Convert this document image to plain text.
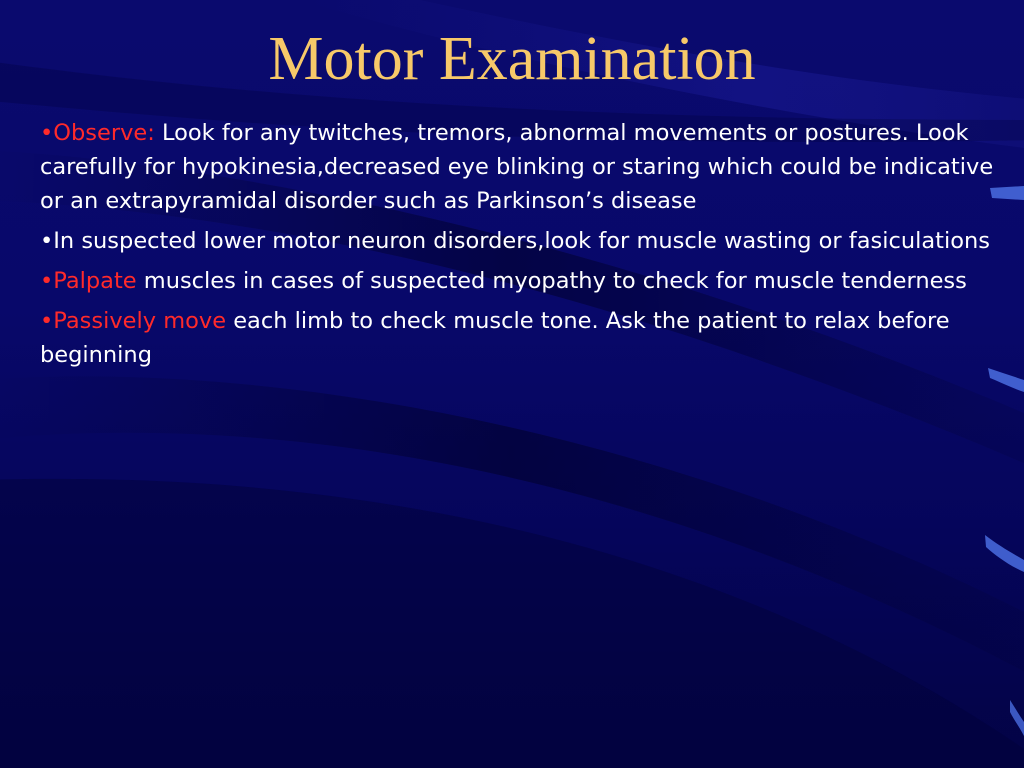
Motor Examination
•Observe: Look for any twitches, tremors, abnormal movements or postures. Look carefully for hypokinesia,decreased eye blinking or staring which could be indicative or an extrapyramidal disorder such as Parkinson’s disease
•In suspected lower motor neuron disorders,look for muscle wasting or fasiculations
•Palpate muscles in cases of suspected myopathy to check for muscle tenderness
•Passively move each limb to check muscle tone. Ask the patient to relax before beginning
